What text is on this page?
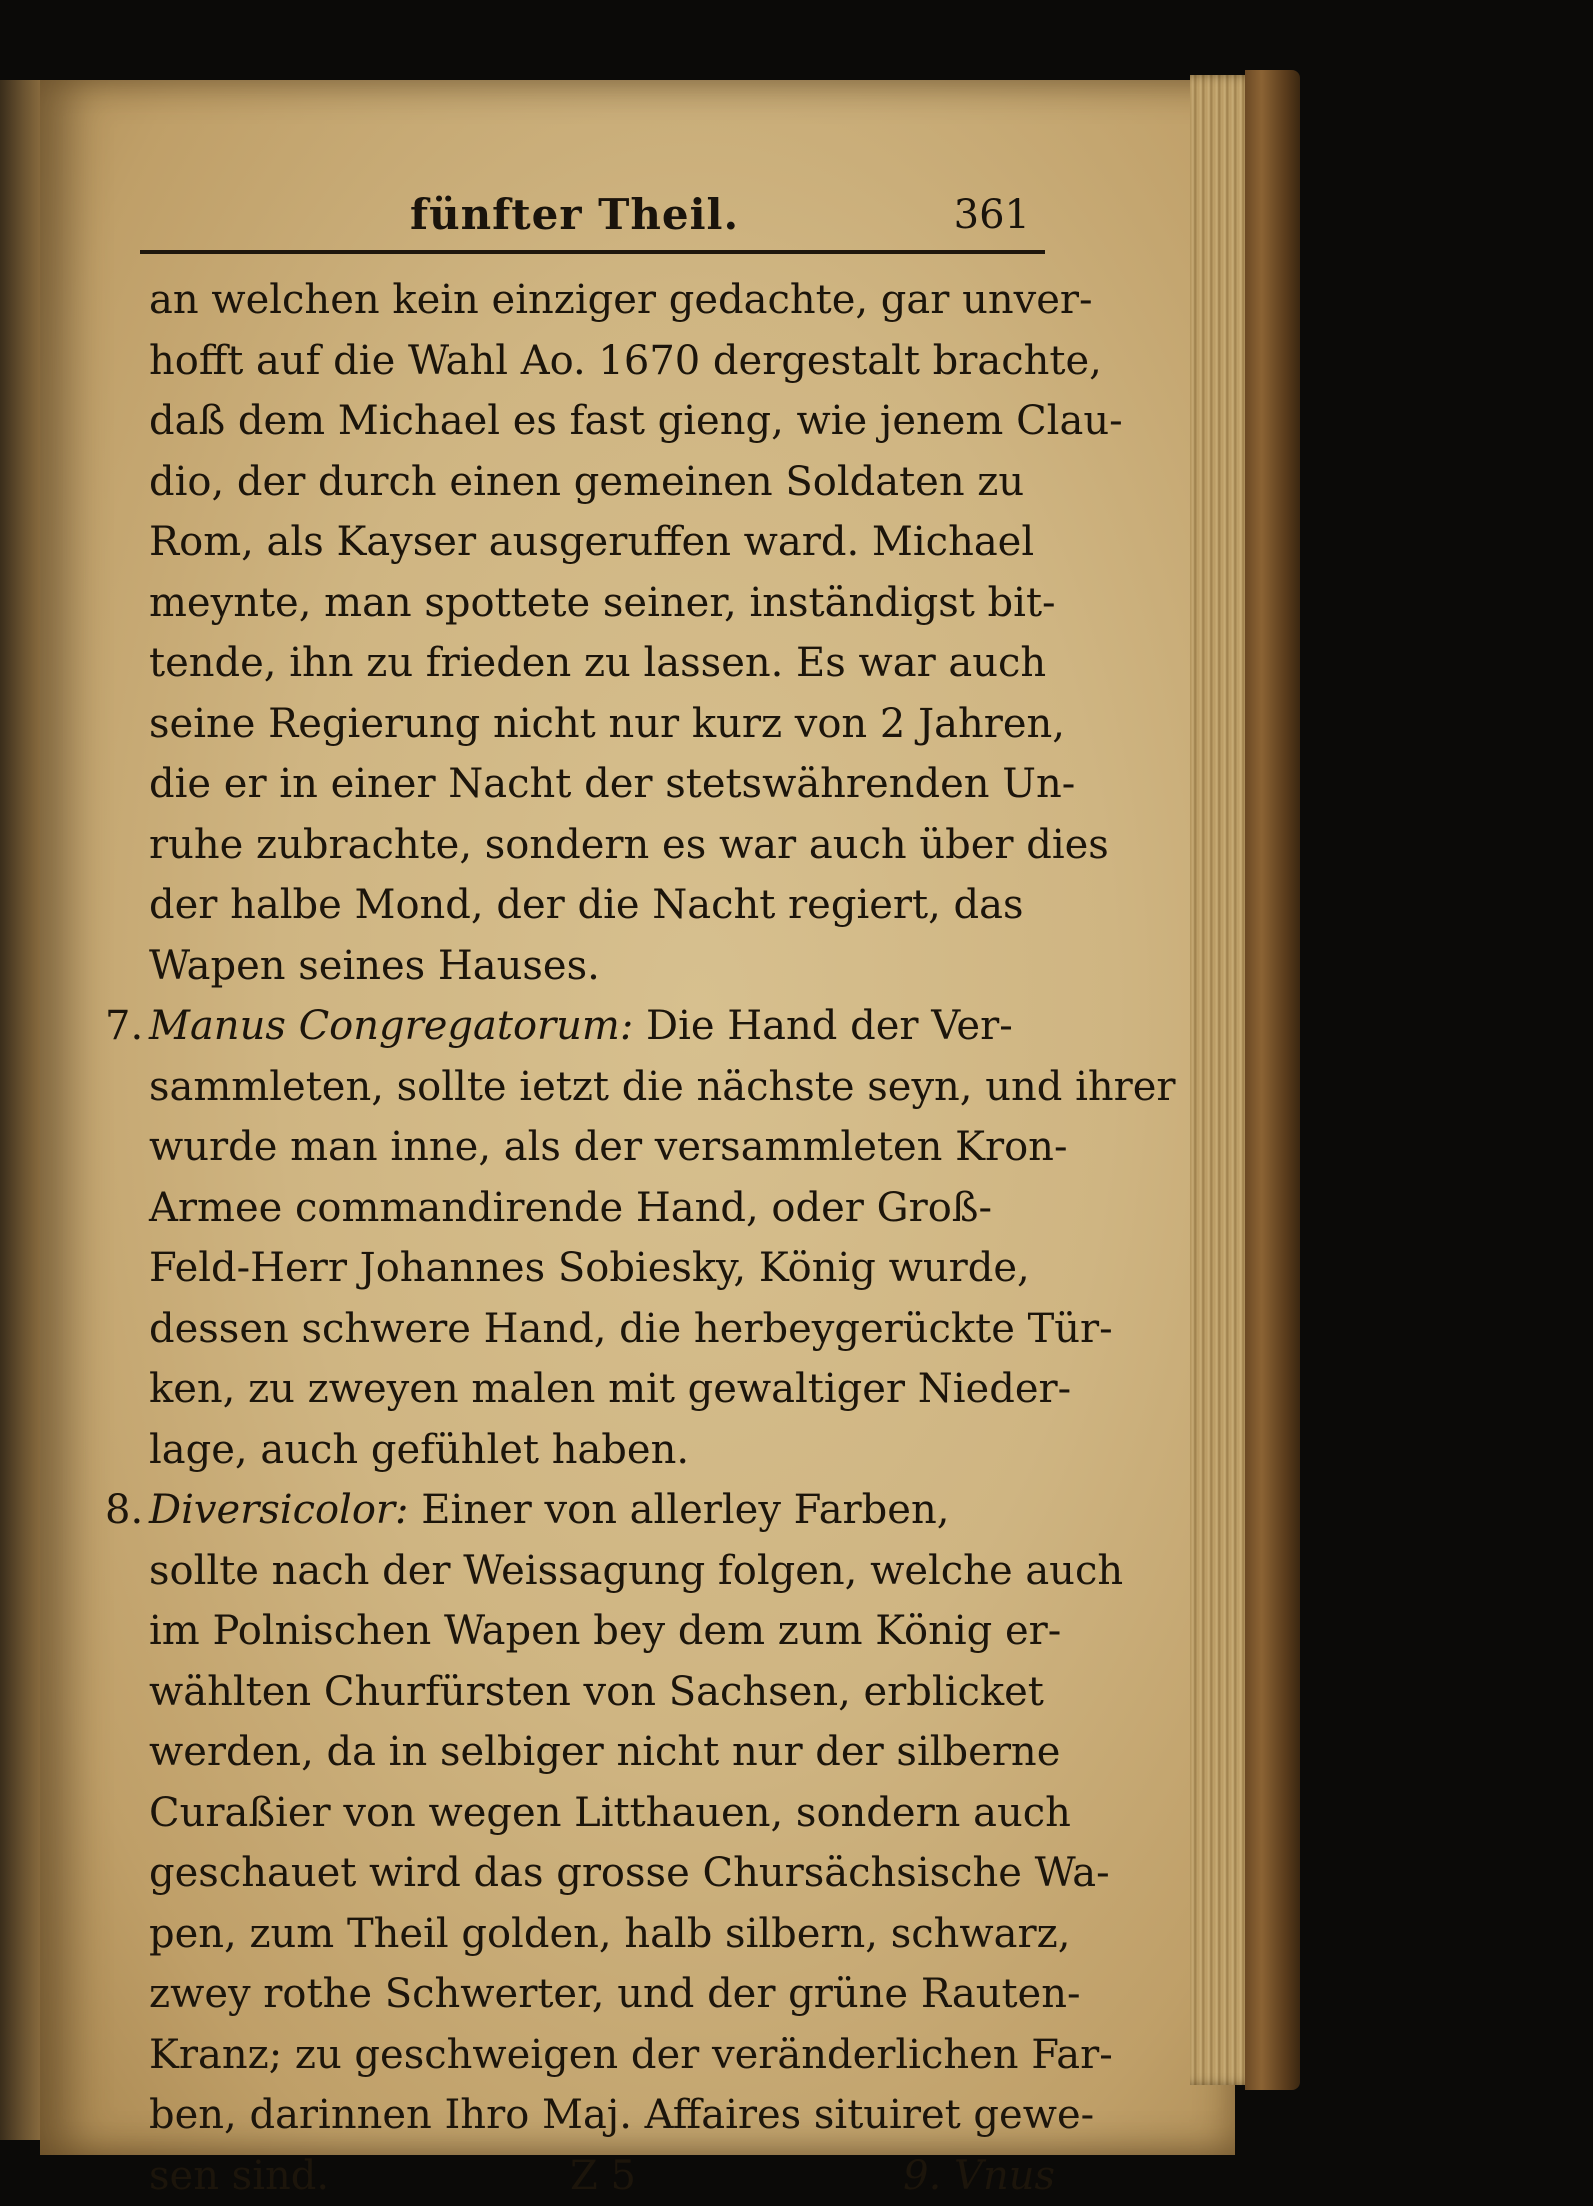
fünfter Theil.	361
an welchen kein einziger gedachte, gar unver-
hofft auf die Wahl Ao. 1670 dergestalt brachte,
daß dem Michael es fast gieng, wie jenem Clau-
dio, der durch einen gemeinen Soldaten zu
Rom, als Kayser ausgeruffen ward. Michael
meynte, man spottete seiner, inständigst bit-
tende, ihn zu frieden zu lassen. Es war auch
seine Regierung nicht nur kurz von 2 Jahren,
die er in einer Nacht der stetswährenden Un-
ruhe zubrachte, sondern es war auch über dies
der halbe Mond, der die Nacht regiert, das
Wapen seines Hauses.
7. Manus Congregatorum: Die Hand der Ver-
sammleten, sollte ietzt die nächste seyn, und ihrer
wurde man inne, als der versammleten Kron-
Armee commandirende Hand, oder Groß-
Feld-Herr Johannes Sobiesky, König wurde,
dessen schwere Hand, die herbeygerückte Tür-
ken, zu zweyen malen mit gewaltiger Nieder-
lage, auch gefühlet haben.
8. Diversicolor: Einer von allerley Farben,
sollte nach der Weissagung folgen, welche auch
im Polnischen Wapen bey dem zum König er-
wählten Churfürsten von Sachsen, erblicket
werden, da in selbiger nicht nur der silberne
Curaßier von wegen Litthauen, sondern auch
geschauet wird das grosse Chursächsische Wa-
pen, zum Theil golden, halb silbern, schwarz,
zwey rothe Schwerter, und der grüne Rauten-
Kranz; zu geschweigen der veränderlichen Far-
ben, darinnen Ihro Maj. Affaires situiret gewe-
sen sind.	Z 5	9. Vnus
